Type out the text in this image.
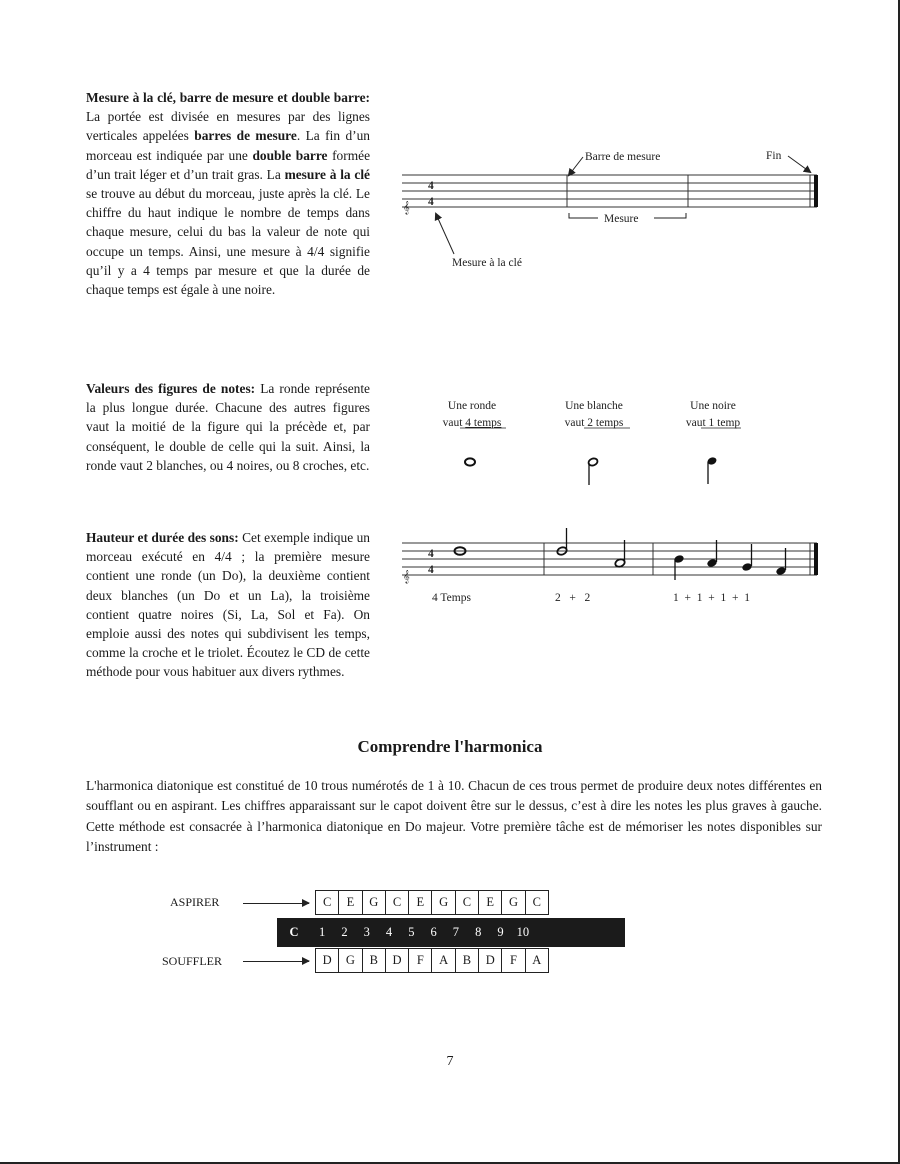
Mesure à la clé, barre de mesure et double barre: La portée est divisée en mesures par des lignes verticales appelées barres de mesure. La fin d’un morceau est indiquée par une double barre formée d’un trait léger et d’un trait gras. La mesure à la clé se trouve au début du morceau, juste après la clé. Le chiffre du haut indique le nombre de temps dans chaque mesure, celui du bas la valeur de note qui occupe un temps. Ainsi, une mesure à 4/4 signifie qu’il y a 4 temps par mesure et que la durée de chaque temps est égale à une noire.

Valeurs des figures de notes: La ronde représente la plus longue durée. Chacune des autres figures vaut la moitié de la figure qui la précède et, par conséquent, le double de celle qui la suit. Ainsi, la ronde vaut 2 blanches, ou 4 noires, ou 8 croches, etc.

Hauteur et durée des sons: Cet exemple indique un morceau exécuté en 4/4 ; la première mesure contient une ronde (un Do), la deuxième contient deux blanches (un Do et un La), la troisième contient quatre noires (Si, La, Sol et Fa). On emploie aussi des notes qui subdivisent les temps, comme la croche et le triolet. Écoutez le CD de cette méthode pour vous habituer aux divers rythmes.

𝄞
4
4
Barre de mesure	Fin
Mesure
Mesure à la clé
Une ronde
vaut 4 temps
Une blanche
vaut 2 temps
Une noire
vaut 1 temp
𝄞
4
4
4 Temps	2   +   2	1  +  1  +  1  +  1
Comprendre l'harmonica

L'harmonica diatonique est constitué de 10 trous numérotés de 1 à 10. Chacun de ces trous permet de produire deux notes différentes en soufflant ou en aspirant. Les chiffres apparaissant sur le capot doivent être sur le dessus, c’est à dire les notes les plus graves à gauche. Cette méthode est consacrée à l’harmonica diatonique en Do majeur. Votre première tâche est de mémoriser les notes disponibles sur l’instrument :

ASPIRER	C	E	G	C	E	G	C	E	G	C
C	1	2	3	4	5	6	7	8	9	10
SOUFFLER	D	G	B	D	F	A	B	D	F	A
7
